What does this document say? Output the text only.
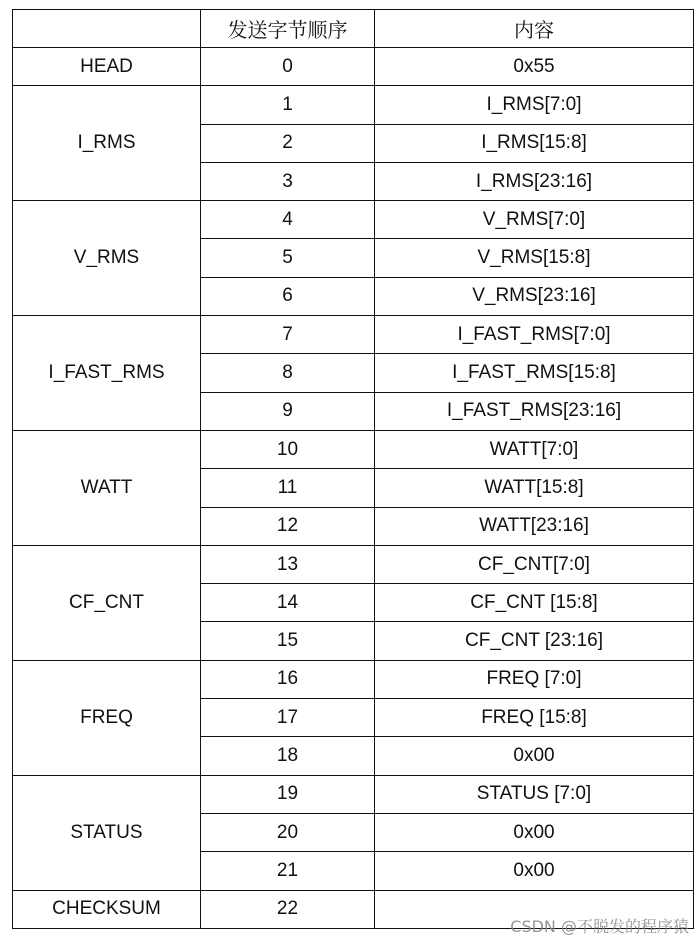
	发送字节顺序	内容
HEAD	0	0x55
I_RMS	1	I_RMS[7:0]
	2	I_RMS[15:8]
	3	I_RMS[23:16]
V_RMS	4	V_RMS[7:0]
	5	V_RMS[15:8]
	6	V_RMS[23:16]
I_FAST_RMS	7	I_FAST_RMS[7:0]
	8	I_FAST_RMS[15:8]
	9	I_FAST_RMS[23:16]
WATT	10	WATT[7:0]
	11	WATT[15:8]
	12	WATT[23:16]
CF_CNT	13	CF_CNT[7:0]
	14	CF_CNT [15:8]
	15	CF_CNT [23:16]
FREQ	16	FREQ [7:0]
	17	FREQ [15:8]
	18	0x00
STATUS	19	STATUS [7:0]
	20	0x00
	21	0x00
CHECKSUM	22	
CSDN @不脱发的程序猿
